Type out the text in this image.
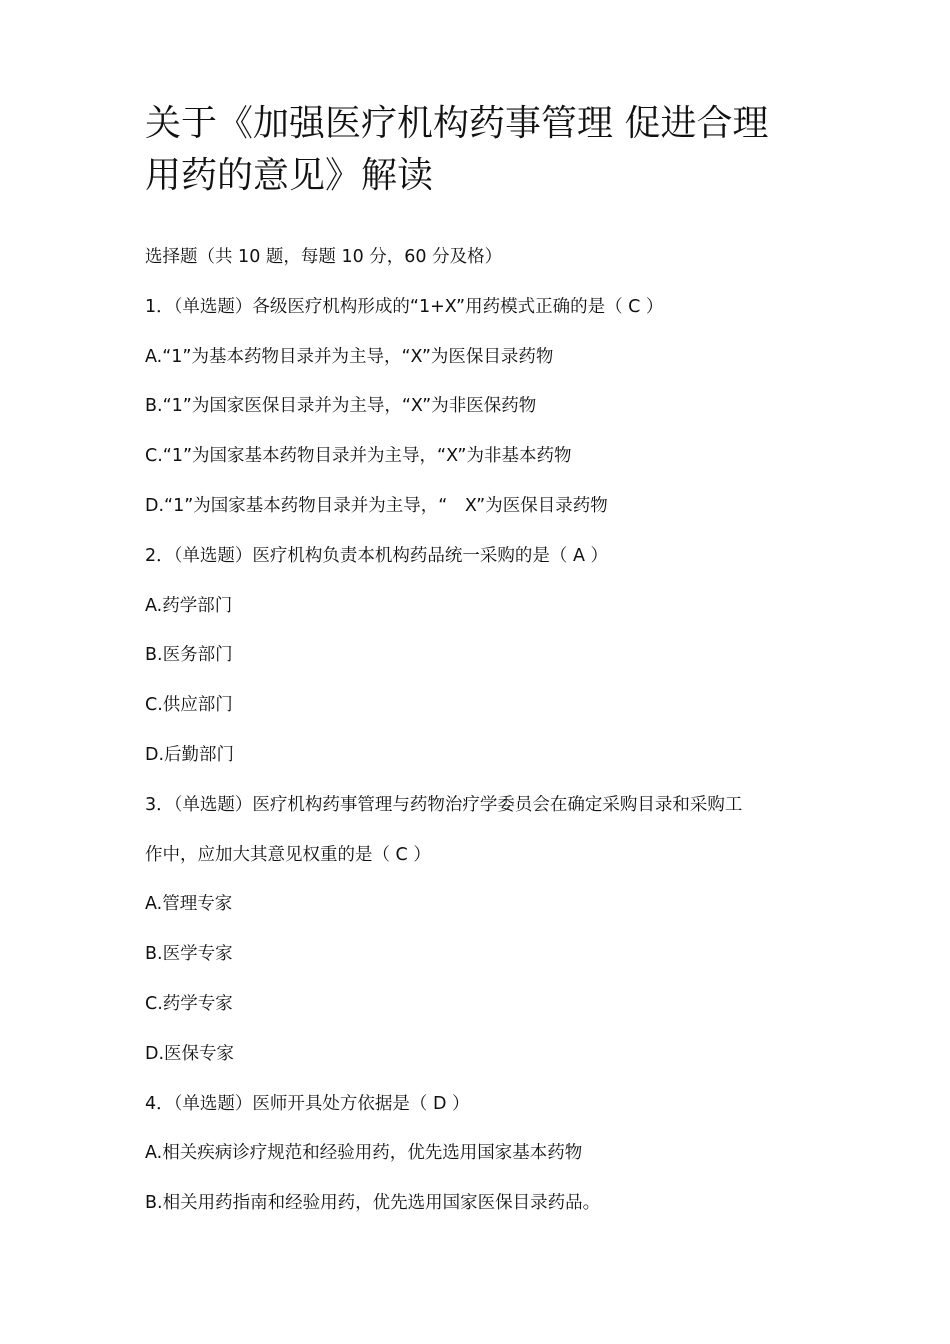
关于《加强医疗机构药事管理 促进合理
用药的意见》解读
选择题（共 10 题，每题 10 分，60 分及格）
1．（单选题）各级医疗机构形成的“1+X”用药模式正确的是（ C ）
A.“1”为基本药物目录并为主导，“X”为医保目录药物
B.“1”为国家医保目录并为主导，“X”为非医保药物
C.“1”为国家基本药物目录并为主导，“X”为非基本药物
D.“1”为国家基本药物目录并为主导，“　X”为医保目录药物
2．（单选题）医疗机构负责本机构药品统一采购的是（ A ）
A.药学部门
B.医务部门
C.供应部门
D.后勤部门
3．（单选题）医疗机构药事管理与药物治疗学委员会在确定采购目录和采购工
作中，应加大其意见权重的是（ C ）
A.管理专家
B.医学专家
C.药学专家
D.医保专家
4．（单选题）医师开具处方依据是（ D ）
A.相关疾病诊疗规范和经验用药，优先选用国家基本药物
B.相关用药指南和经验用药，优先选用国家医保目录药品。
